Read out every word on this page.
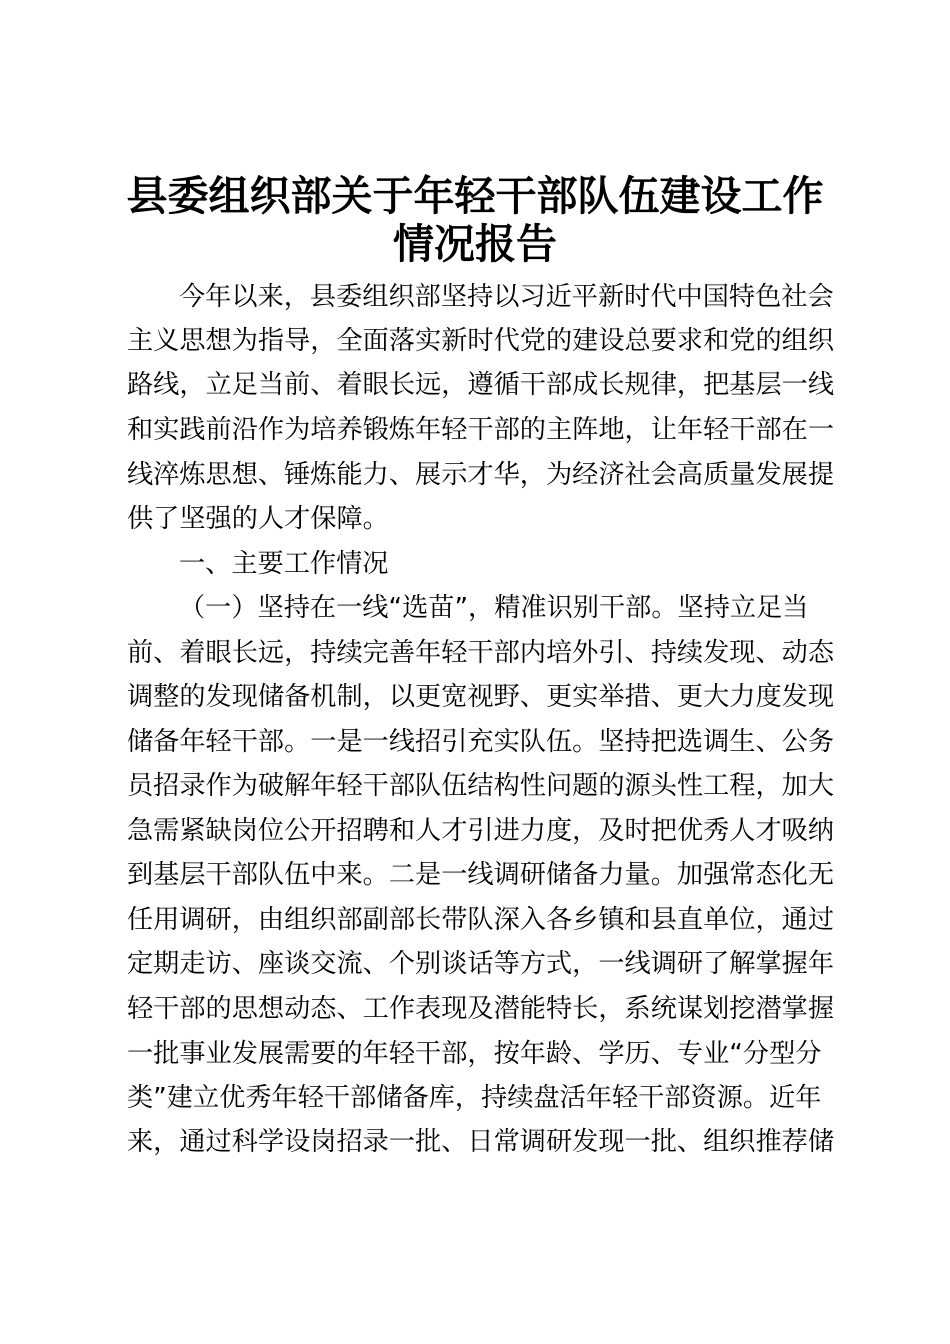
县委组织部关于年轻干部队伍建设工作
情况报告

今年以来，县委组织部坚持以习近平新时代中国特色社会

主义思想为指导，全面落实新时代党的建设总要求和党的组织

路线，立足当前、着眼长远，遵循干部成长规律，把基层一线

和实践前沿作为培养锻炼年轻干部的主阵地，让年轻干部在一

线淬炼思想、锤炼能力、展示才华，为经济社会高质量发展提

供了坚强的人才保障。

一、主要工作情况

（一）坚持在一线“选苗”，精准识别干部。坚持立足当

前、着眼长远，持续完善年轻干部内培外引、持续发现、动态

调整的发现储备机制，以更宽视野、更实举措、更大力度发现

储备年轻干部。一是一线招引充实队伍。坚持把选调生、公务

员招录作为破解年轻干部队伍结构性问题的源头性工程，加大

急需紧缺岗位公开招聘和人才引进力度，及时把优秀人才吸纳

到基层干部队伍中来。二是一线调研储备力量。加强常态化无

任用调研，由组织部副部长带队深入各乡镇和县直单位，通过

定期走访、座谈交流、个别谈话等方式，一线调研了解掌握年

轻干部的思想动态、工作表现及潜能特长，系统谋划挖潜掌握

一批事业发展需要的年轻干部，按年龄、学历、专业“分型分

类”建立优秀年轻干部储备库，持续盘活年轻干部资源。近年

来，通过科学设岗招录一批、日常调研发现一批、组织推荐储
